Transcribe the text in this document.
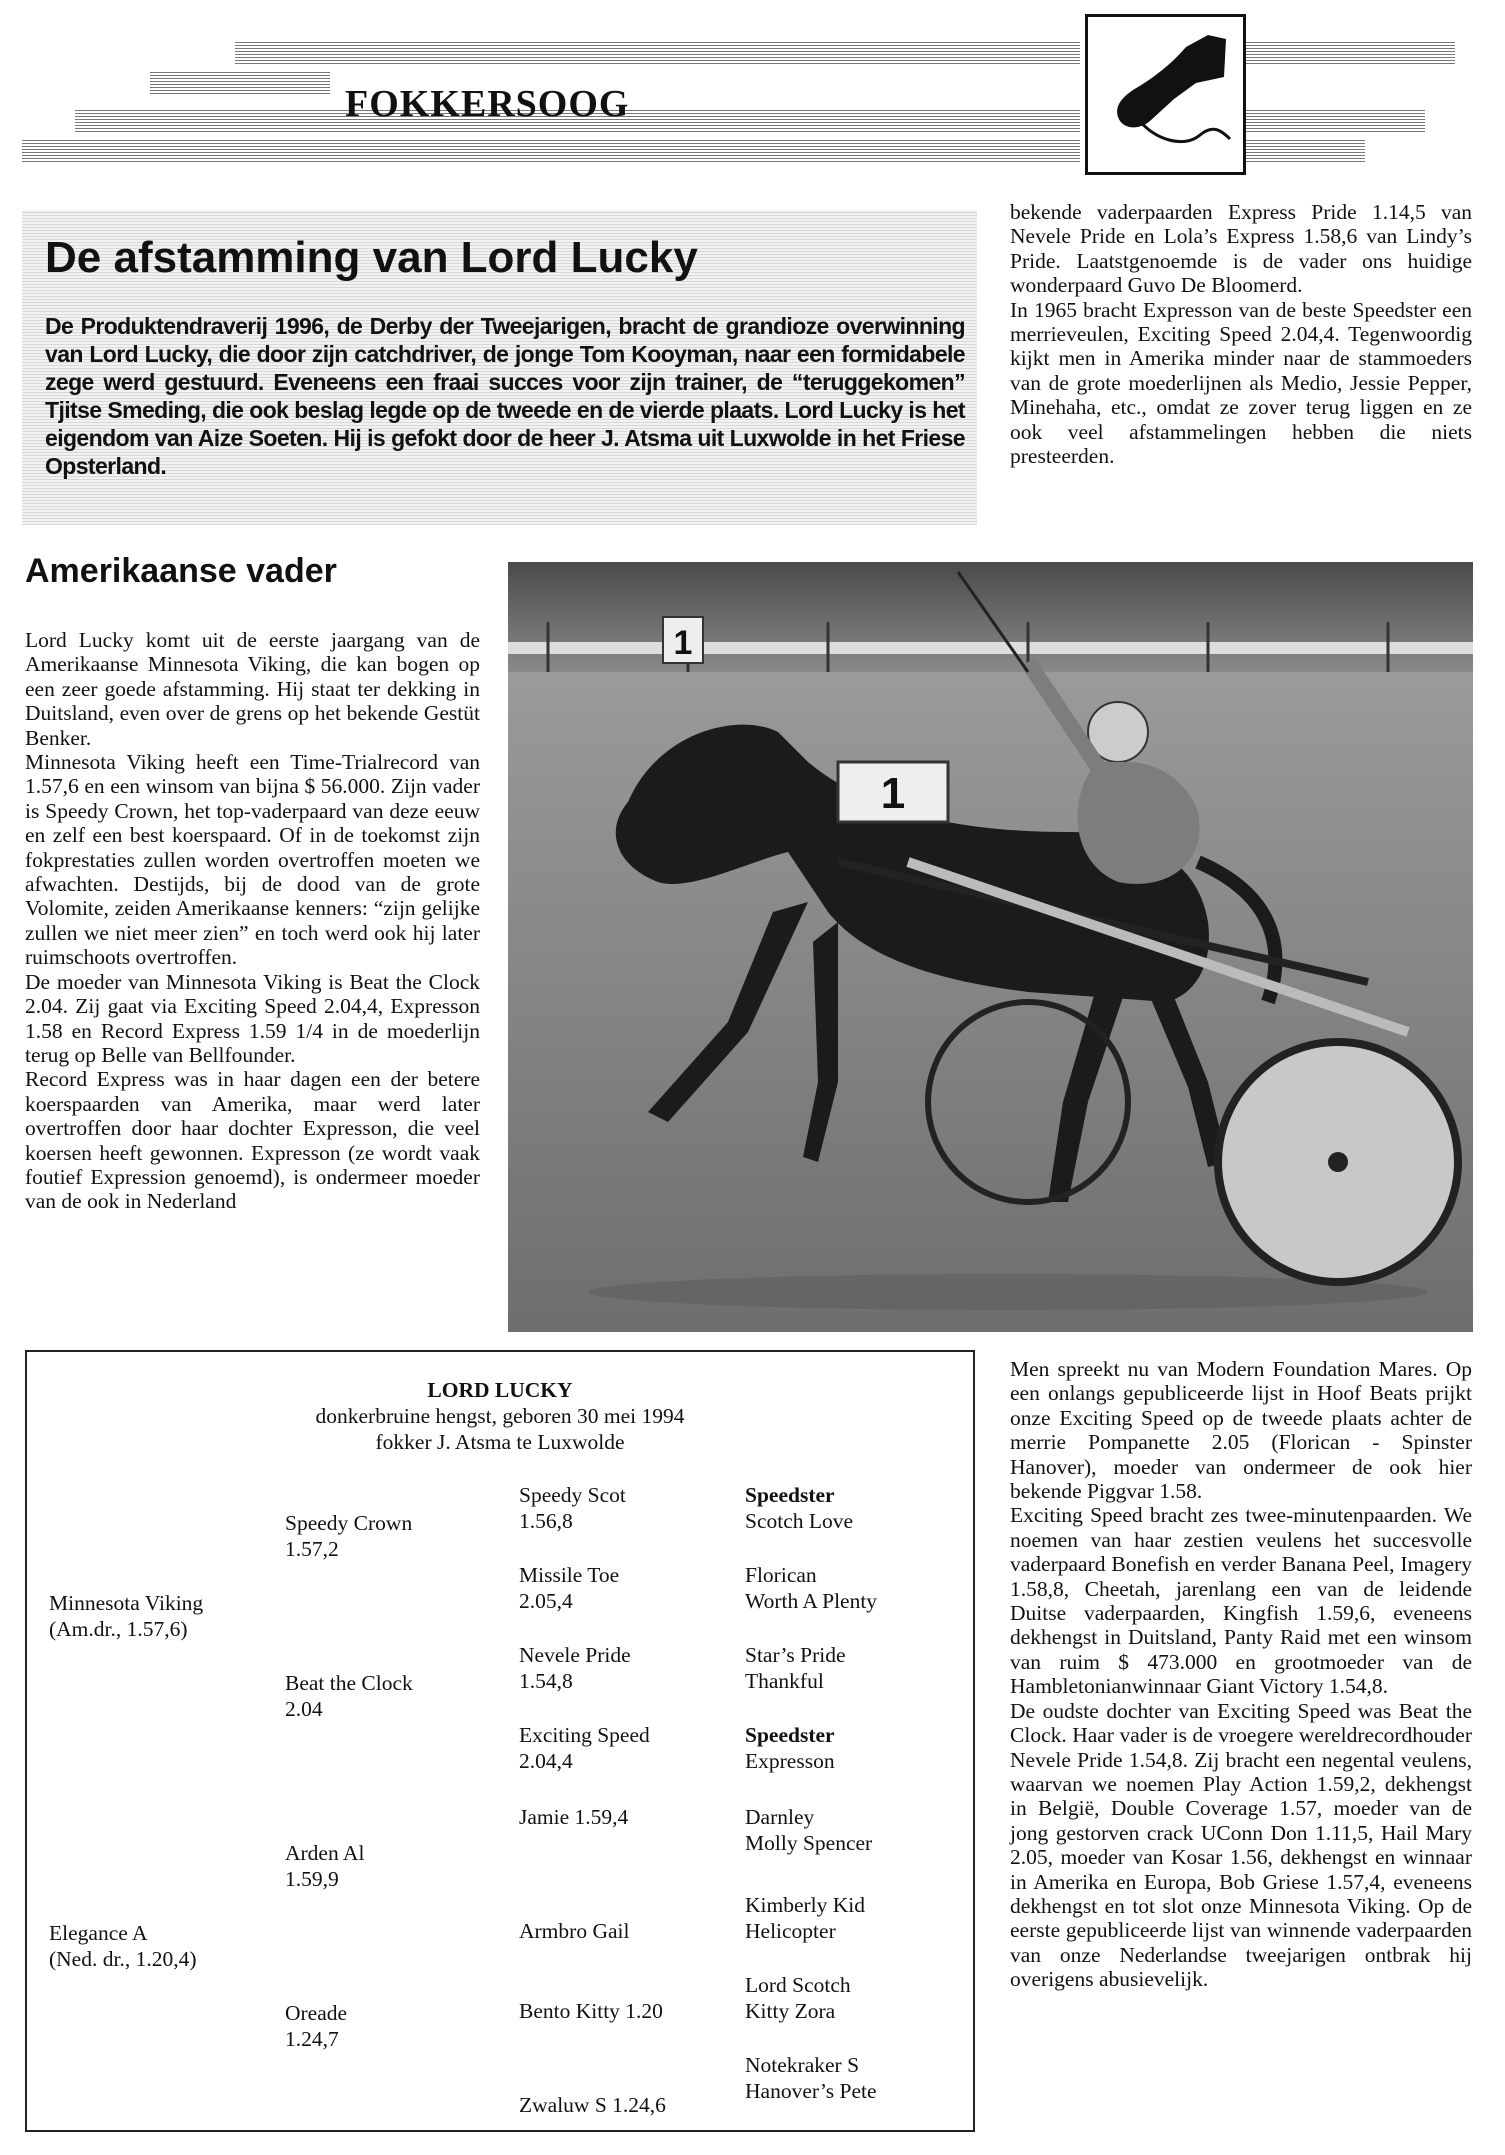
FOKKERSOOG
De afstamming van Lord Lucky
De Produktendraverij 1996, de Derby der Tweejarigen, bracht de grandioze overwinning van Lord Lucky, die door zijn catchdriver, de jonge Tom Kooyman, naar een formidabele zege werd gestuurd. Eveneens een fraai succes voor zijn trainer, de “teruggekomen” Tjitse Smeding, die ook beslag legde op de tweede en de vierde plaats. Lord Lucky is het eigendom van Aize Soeten. Hij is gefokt door de heer J. Atsma uit Luxwolde in het Friese Opsterland.

bekende vaderpaarden Express Pride 1.14,5 van Nevele Pride en Lola’s Express 1.58,6 van Lindy’s Pride. Laatstgenoemde is de vader ons huidige wonderpaard Guvo De Bloomerd.

In 1965 bracht Expresson van de beste Speedster een merrieveulen, Exciting Speed 2.04,4. Tegenwoordig kijkt men in Amerika minder naar de stammoeders van de grote moederlijnen als Medio, Jessie Pepper, Minehaha, etc., omdat ze zover terug liggen en ze ook veel afstammelingen hebben die niets presteerden.

Amerikaanse vader

Lord Lucky komt uit de eerste jaargang van de Amerikaanse Minnesota Viking, die kan bogen op een zeer goede afstamming. Hij staat ter dekking in Duitsland, even over de grens op het bekende Gestüt Benker.

Minnesota Viking heeft een Time-Trialrecord van 1.57,6 en een winsom van bijna $ 56.000. Zijn vader is Speedy Crown, het top-vaderpaard van deze eeuw en zelf een best koerspaard. Of in de toekomst zijn fokprestaties zullen worden overtroffen moeten we afwachten. Destijds, bij de dood van de grote Volomite, zeiden Amerikaanse kenners: “zijn gelijke zullen we niet meer zien” en toch werd ook hij later ruimschoots overtroffen.

De moeder van Minnesota Viking is Beat the Clock 2.04. Zij gaat via Exciting Speed 2.04,4, Expresson 1.58 en Record Express 1.59 1/4 in de moederlijn terug op Belle van Bellfounder.

Record Express was in haar dagen een der betere koerspaarden van Amerika, maar werd later overtroffen door haar dochter Expresson, die veel koersen heeft gewonnen. Expresson (ze wordt vaak foutief Expression genoemd), is ondermeer moeder van de ook in Nederland

1
1
LORD LUCKY
donkerbruine hengst, geboren 30 mei 1994
fokker J. Atsma te Luxwolde
Minnesota Viking
(Am.dr., 1.57,6)
Elegance A
(Ned. dr., 1.20,4)
Speedy Crown
1.57,2
Beat the Clock
2.04
Arden Al
1.59,9
Oreade
1.24,7
Speedy Scot
1.56,8
Missile Toe
2.05,4
Nevele Pride
1.54,8
Exciting Speed
2.04,4
Jamie 1.59,4
Armbro Gail
Bento Kitty 1.20
Zwaluw S 1.24,6
Speedster
Scotch Love
Florican
Worth A Plenty
Star’s Pride
Thankful
Speedster
Expresson
Darnley
Molly Spencer
Kimberly Kid
Helicopter
Lord Scotch
Kitty Zora
Notekraker S
Hanover’s Pete

Men spreekt nu van Modern Foundation Mares. Op een onlangs gepubliceerde lijst in Hoof Beats prijkt onze Exciting Speed op de tweede plaats achter de merrie Pompanette 2.05 (Florican - Spinster Hanover), moeder van ondermeer de ook hier bekende Piggvar 1.58.

Exciting Speed bracht zes twee-minutenpaarden. We noemen van haar zestien veulens het succesvolle vaderpaard Bonefish en verder Banana Peel, Imagery 1.58,8, Cheetah, jarenlang een van de leidende Duitse vaderpaarden, Kingfish 1.59,6, eveneens dekhengst in Duitsland, Panty Raid met een winsom van ruim $ 473.000 en grootmoeder van de Hambletonianwinnaar Giant Victory 1.54,8.

De oudste dochter van Exciting Speed was Beat the Clock. Haar vader is de vroegere wereldrecordhouder Nevele Pride 1.54,8. Zij bracht een negental veulens, waarvan we noemen Play Action 1.59,2, dekhengst in België, Double Coverage 1.57, moeder van de jong gestorven crack UConn Don 1.11,5, Hail Mary 2.05, moeder van Kosar 1.56, dekhengst en winnaar in Amerika en Europa, Bob Griese 1.57,4, eveneens dekhengst en tot slot onze Minnesota Viking. Op de eerste gepubliceerde lijst van winnende vaderpaarden van onze Nederlandse tweejarigen ontbrak hij overigens abusievelijk.
